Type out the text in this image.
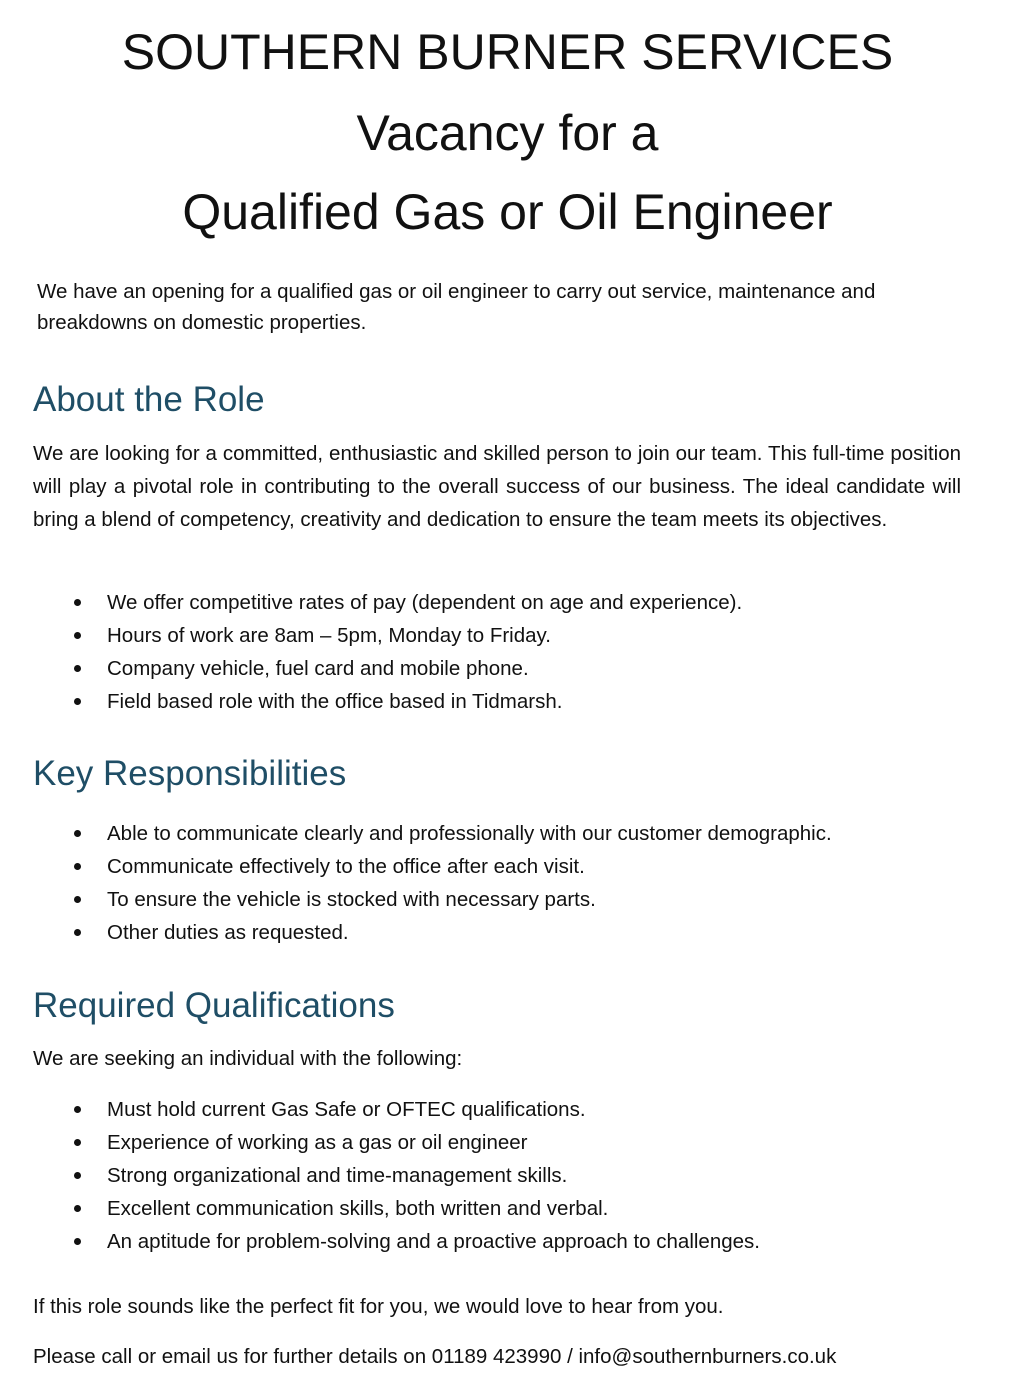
SOUTHERN BURNER SERVICES
Vacancy for a
Qualified Gas or Oil Engineer

We have an opening for a qualified gas or oil engineer to carry out service, maintenance and breakdowns on domestic properties.

About the Role

We are looking for a committed, enthusiastic and skilled person to join our team. This full-time position will play a pivotal role in contributing to the overall success of our business. The ideal candidate will bring a blend of competency, creativity and dedication to ensure the team meets its objectives.

We offer competitive rates of pay (dependent on age and experience).
Hours of work are 8am – 5pm, Monday to Friday.
Company vehicle, fuel card and mobile phone.
Field based role with the office based in Tidmarsh.
Key Responsibilities
Able to communicate clearly and professionally with our customer demographic.
Communicate effectively to the office after each visit.
To ensure the vehicle is stocked with necessary parts.
Other duties as requested.
Required Qualifications

We are seeking an individual with the following:

Must hold current Gas Safe or OFTEC qualifications.
Experience of working as a gas or oil engineer
Strong organizational and time-management skills.
Excellent communication skills, both written and verbal.
An aptitude for problem-solving and a proactive approach to challenges.

If this role sounds like the perfect fit for you, we would love to hear from you.

Please call or email us for further details on 01189 423990 / info@southernburners.co.uk
